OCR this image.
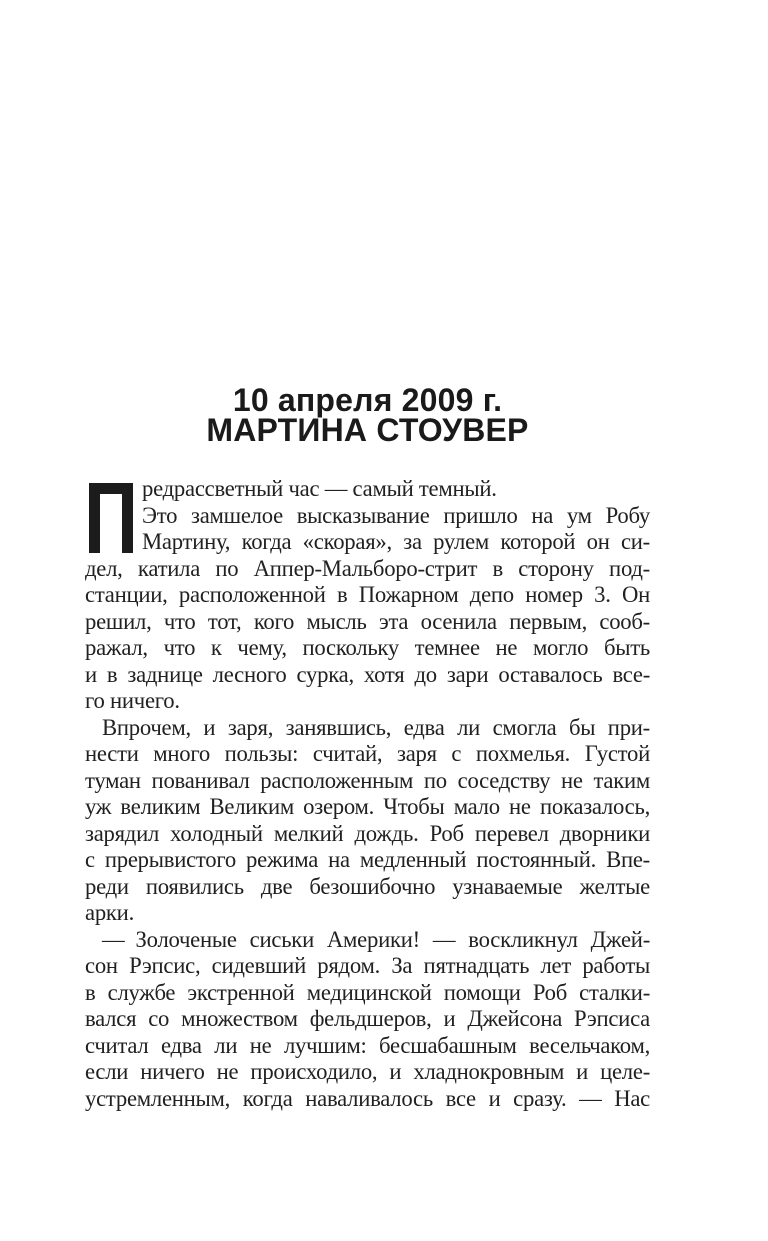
10 апреля 2009 г.
МАРТИНА СТОУВЕР
редрассветный час — самый темный.
Это замшелое высказывание пришло на ум Робу
Мартину, когда «скорая», за рулем которой он си-
дел, катила по Аппер-Мальборо-стрит в сторону под-
станции, расположенной в Пожарном депо номер 3. Он
решил, что тот, кого мысль эта осенила первым, сооб-
ражал, что к чему, поскольку темнее не могло быть
и в заднице лесного сурка, хотя до зари оставалось все-
го ничего.
Впрочем, и заря, занявшись, едва ли смогла бы при-
нести много пользы: считай, заря с похмелья. Густой
туман пованивал расположенным по соседству не таким
уж великим Великим озером. Чтобы мало не показалось,
зарядил холодный мелкий дождь. Роб перевел дворники
с прерывистого режима на медленный постоянный. Впе-
реди появились две безошибочно узнаваемые желтые
арки.
— Золоченые сиськи Америки! — воскликнул Джей-
сон Рэпсис, сидевший рядом. За пятнадцать лет работы
в службе экстренной медицинской помощи Роб сталки-
вался со множеством фельдшеров, и Джейсона Рэпсиса
считал едва ли не лучшим: бесшабашным весельчаком,
если ничего не происходило, и хладнокровным и целе-
устремленным, когда наваливалось все и сразу. — Нас
